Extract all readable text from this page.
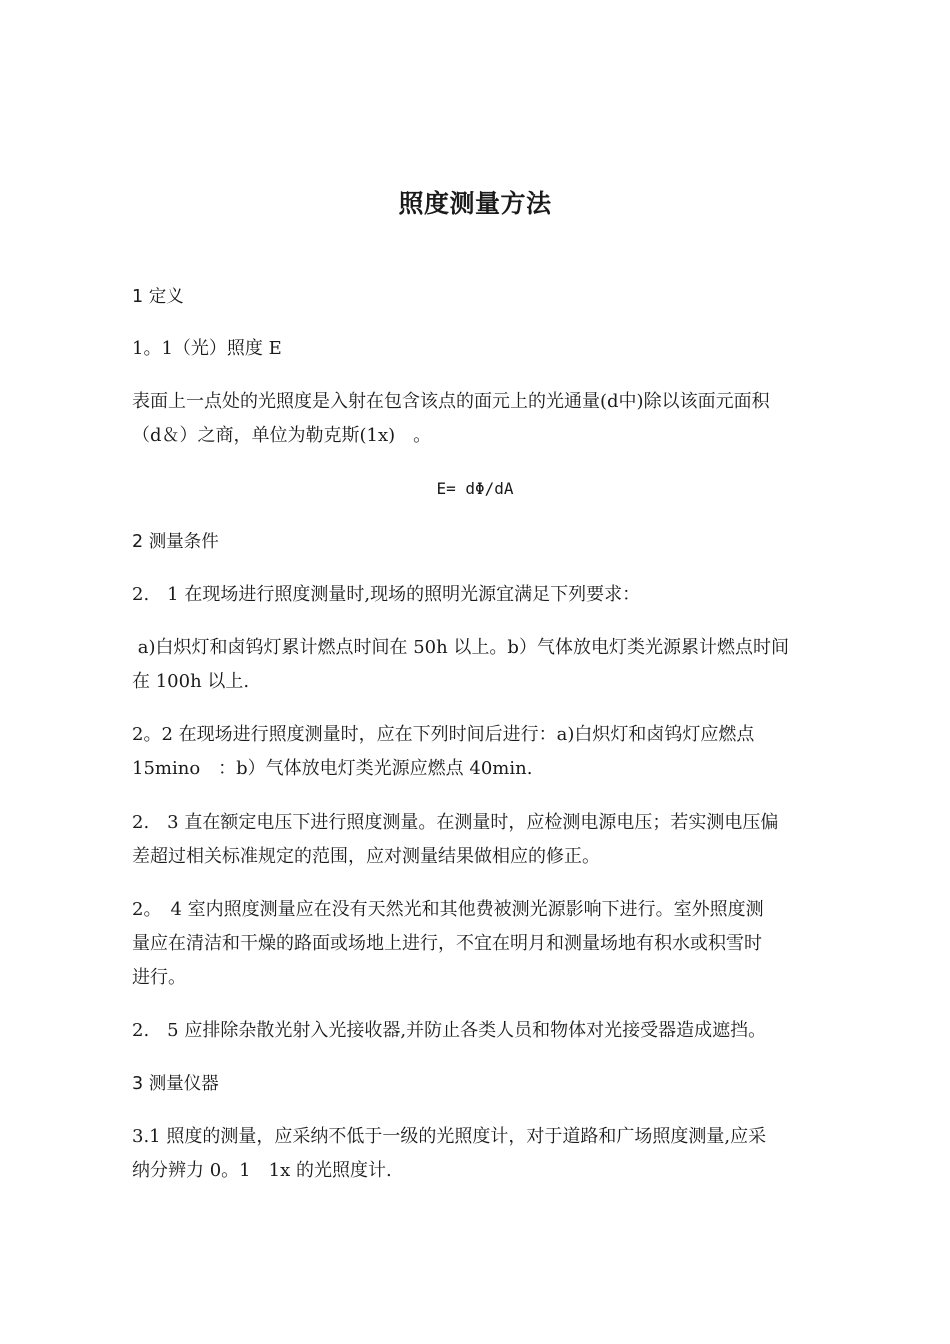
照度测量方法
1 定义
1。1（光）照度 E
表面上一点处的光照度是入射在包含该点的面元上的光通量(d中)除以该面元面积
（d＆）之商，单位为勒克斯(1x)　。
E= dΦ/dA
2 测量条件
2.　1 在现场进行照度测量时,现场的照明光源宜满足下列要求：
a)白炽灯和卤钨灯累计燃点时间在 50h 以上。b）气体放电灯类光源累计燃点时间
在 100h 以上.
2。2 在现场进行照度测量时，应在下列时间后进行：a)白炽灯和卤钨灯应燃点
15mino　：b）气体放电灯类光源应燃点 40min.
2.　3 直在额定电压下进行照度测量。在测量时，应检测电源电压；若实测电压偏
差超过相关标准规定的范围，应对测量结果做相应的修正。
2。　4 室内照度测量应在没有天然光和其他费被测光源影响下进行。室外照度测
量应在清洁和干燥的路面或场地上进行，不宜在明月和测量场地有积水或积雪时
进行。
2.　5 应排除杂散光射入光接收器,并防止各类人员和物体对光接受器造成遮挡。
3 测量仪器
3.1 照度的测量，应采纳不低于一级的光照度计，对于道路和广场照度测量,应采
纳分辨力 0。1　1x 的光照度计.
